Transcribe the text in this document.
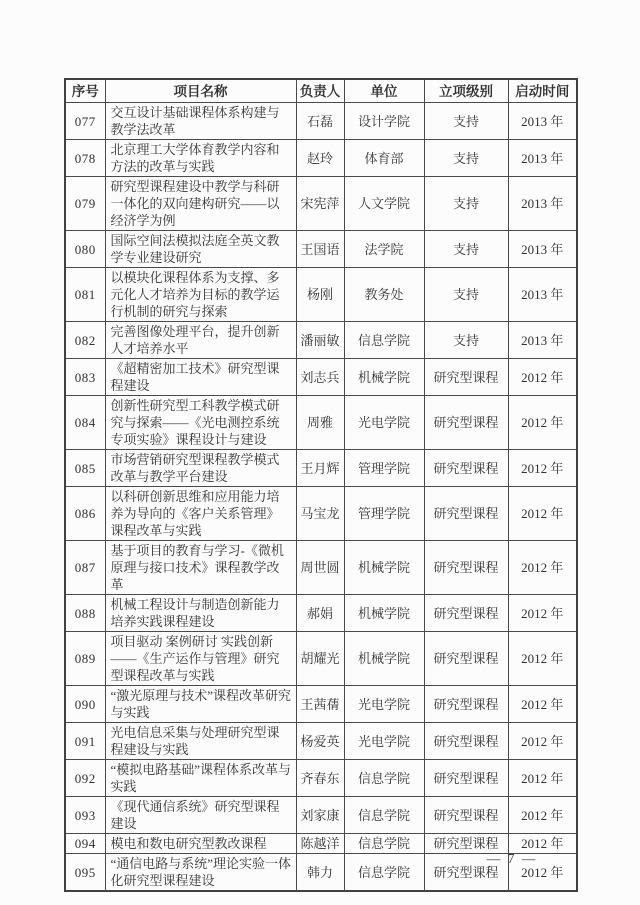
序号	项目名称	负责人	单位	立项级别	启动时间
077	交互设计基础课程体系构建与教学法改革	石磊	设计学院	支持	2013 年
078	北京理工大学体育教学内容和方法的改革与实践	赵玲	体育部	支持	2013 年
079	研究型课程建设中教学与科研一体化的双向建构研究——以经济学为例	宋宪萍	人文学院	支持	2013 年
080	国际空间法模拟法庭全英文教学专业建设研究	王国语	法学院	支持	2013 年
081	以模块化课程体系为支撑、多元化人才培养为目标的教学运行机制的研究与探索	杨刚	教务处	支持	2013 年
082	完善图像处理平台，提升创新人才培养水平	潘丽敏	信息学院	支持	2013 年
083	《超精密加工技术》研究型课程建设	刘志兵	机械学院	研究型课程	2012 年
084	创新性研究型工科教学模式研究与探索——《光电测控系统专项实验》课程设计与建设	周雅	光电学院	研究型课程	2012 年
085	市场营销研究型课程教学模式改革与教学平台建设	王月辉	管理学院	研究型课程	2012 年
086	以科研创新思维和应用能力培养为导向的《客户关系管理》课程改革与实践	马宝龙	管理学院	研究型课程	2012 年
087	基于项目的教育与学习-《微机原理与接口技术》课程教学改革	周世圆	机械学院	研究型课程	2012 年
088	机械工程设计与制造创新能力培养实践课程建设	郝娟	机械学院	研究型课程	2012 年
089	项目驱动 案例研讨 实践创新——《生产运作与管理》研究型课程改革与实践	胡耀光	机械学院	研究型课程	2012 年
090	“激光原理与技术”课程改革研究与实践	王茜蒨	光电学院	研究型课程	2012 年
091	光电信息采集与处理研究型课程建设与实践	杨爱英	光电学院	研究型课程	2012 年
092	“模拟电路基础”课程体系改革与实践	齐春东	信息学院	研究型课程	2012 年
093	《现代通信系统》研究型课程建设	刘家康	信息学院	研究型课程	2012 年
094	模电和数电研究型教改课程	陈越洋	信息学院	研究型课程	2012 年
095	“通信电路与系统”理论实验一体化研究型课程建设	韩力	信息学院	研究型课程	2012 年
— 7 —
